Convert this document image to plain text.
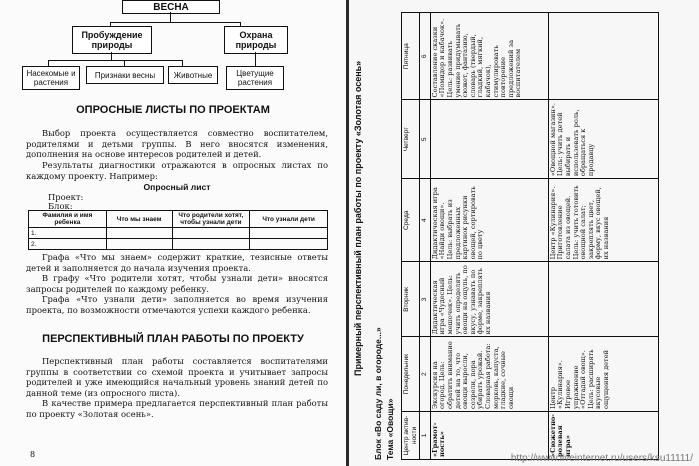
ВЕСНА
Пробуждение природы
Охрана природы
Насекомые и растения
Признаки весны Животные	Цветущие растения
ОПРОСНЫЕ ЛИСТЫ ПО ПРОЕКТАМ
Выбор проекта осуществляется совместно воспитателем, родителями и детьми группы. В него вносятся изменения, дополнения на основе интересов родителей и детей.
Результаты диагностики отражаются в опросных листах по каждому проекту. Например:
Опросный лист
Проект:
Блок:
Фамилия и имя ребенка	Что мы знаем	Что родители хотят, чтобы узнали дети	Что узнали дети
1.			
2.			
Графа «Что мы знаем» содержит краткие, тезисные ответы детей и заполняется до начала изучения проекта.
В графу «Что родители хотят, чтобы узнали дети» вносятся запросы родителей по каждому ребенку.
Графа «Что узнали дети» заполняется во время изучения проекта, по возможности отмечаются успехи каждого ребенка.
ПЕРСПЕКТИВНЫЙ ПЛАН РАБОТЫ ПО ПРОЕКТУ
Перспективный план работы составляется воспитателями группы в соответствии со схемой проекта и учитывает запросы родителей и уже имеющийся начальный уровень знаний детей по данной теме (из опросного листа).
В качестве примера предлагается перспективный план работы по проекту «Золотая осень».
8
Примерный перспективный план работы по проекту «Золотая осень»
Блок «Во саду ли, в огороде...» Тема «Овощи» Центр актив-ности	Понедельник	Вторник	Среда	Четверг	Пятница
1	2	3	4	5	6
«Грамот-ность»	Экскурсия на огород. Цель: обратить внимание детей на то, что овощи выросли, созрели, пора убирать урожай. Словарная работа: морковь, капуста, гладкие, сочные овощи	Дидактическая игра «Чудесный мешочек». Цель: учить определять овощи на ощупь, по вкусу, узнавать по форме, закреплять их названия	Дидактическая игра «Найди овощи». Цель: выбрать из предложенных картинок рисунки овощей, сортировать по цвету		Составление сказки «Помидор и кабачок». Цель: развивать умение придумывать сюжет, фантазию, словарь (твердый, гладкий, мягкий, кабачок), стимулировать повторение предложений за воспитателем
«Сюжетно-ролевая игра»	Центр «Кулинария». Игровое упражнение «Отгадай овощ». Цель: расширять вкусовые ощущения детей		Центр «Кулинария». Приготовление салата из овощей. Цель: учить готовить овощной салат; закреплять цвет, форму, вкус овощей, их названия	«Овощной магазин». Цель: учить детей выбирать и использовать роль, обращаться к продавцу	
http://www.liveinternet.ru/users/ksu11111/
